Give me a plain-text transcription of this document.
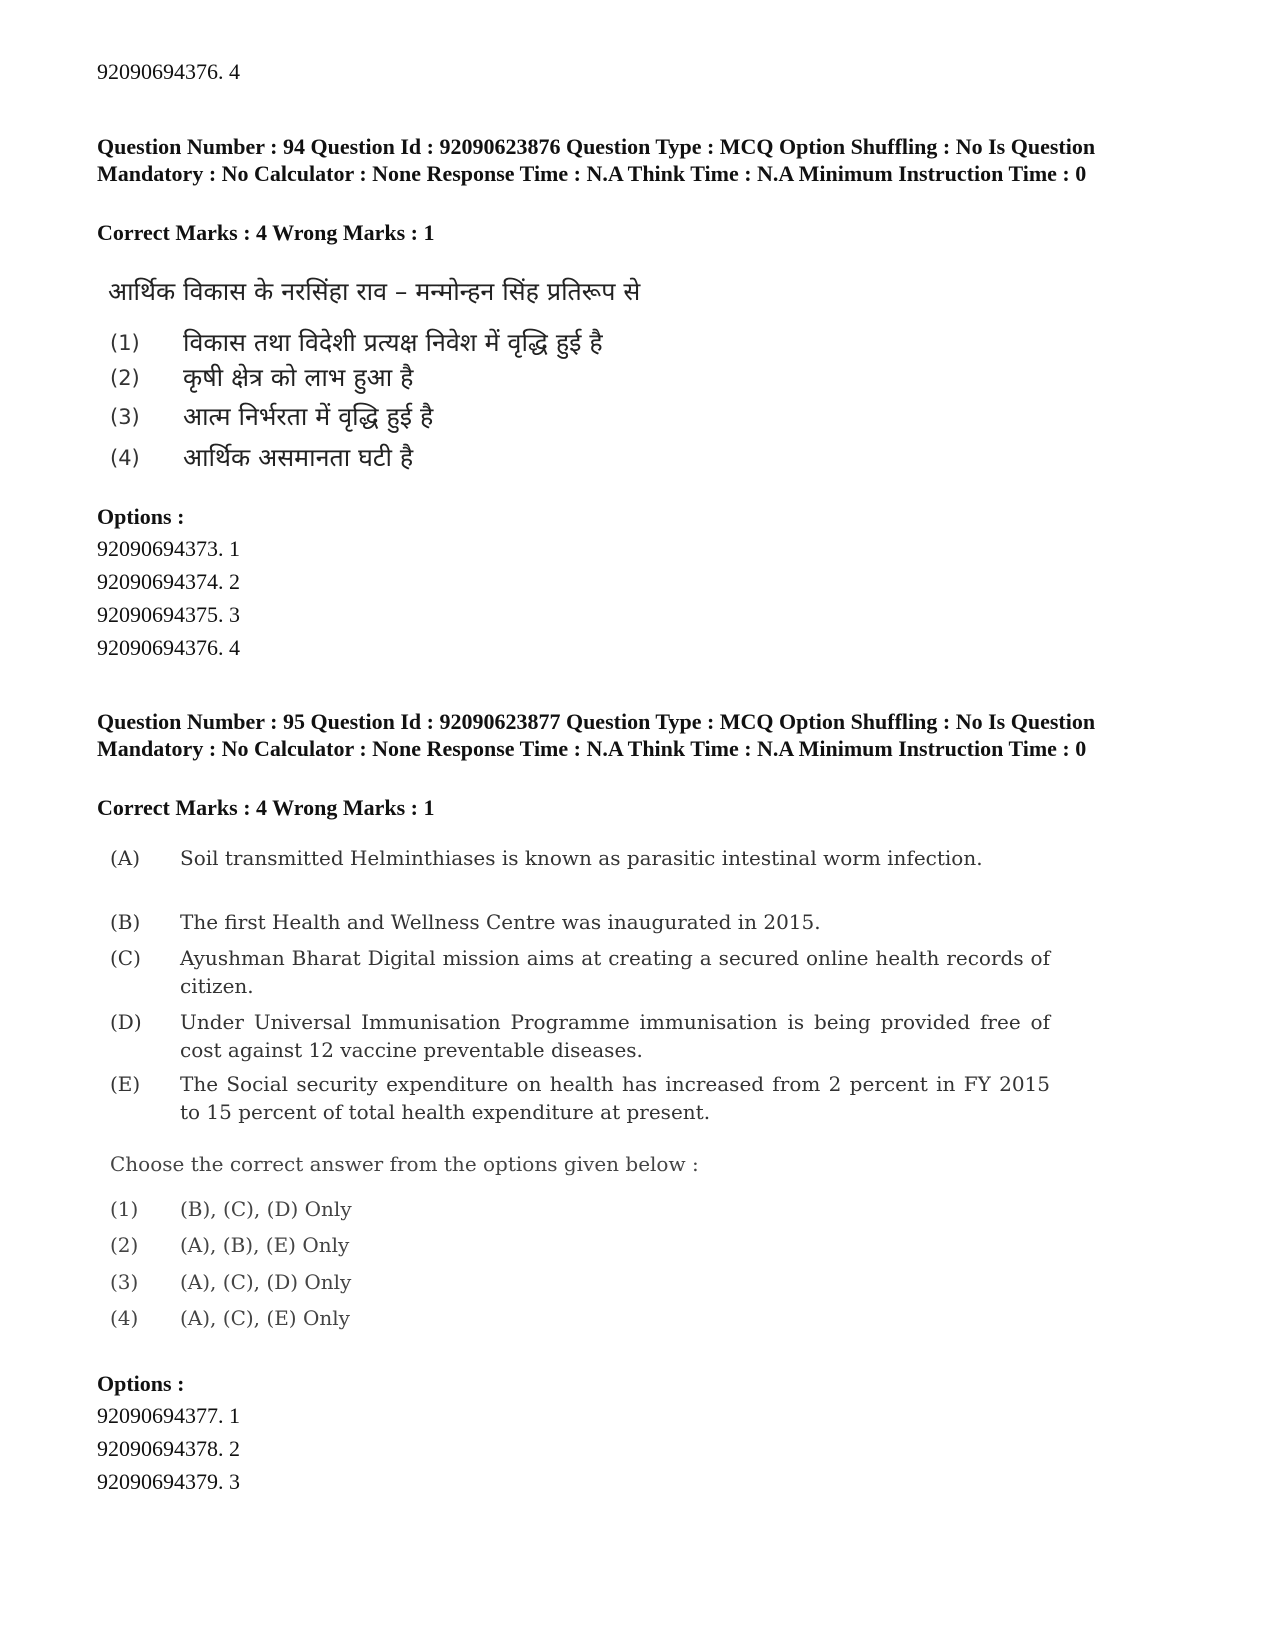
92090694376. 4
Question Number : 94 Question Id : 92090623876 Question Type : MCQ Option Shuffling : No Is Question Mandatory : No Calculator : None Response Time : N.A Think Time : N.A Minimum Instruction Time : 0
Correct Marks : 4 Wrong Marks : 1
आर्थिक विकास के नरसिंहा राव – मन्मोन्हन सिंह प्रतिरूप से
(1) विकास तथा विदेशी प्रत्यक्ष निवेश में वृद्धि हुई है
(2) कृषी क्षेत्र को लाभ हुआ है
(3) आत्म निर्भरता में वृद्धि हुई है
(4) आर्थिक असमानता घटी है
Options :
92090694373. 1
92090694374. 2
92090694375. 3
92090694376. 4
Question Number : 95 Question Id : 92090623877 Question Type : MCQ Option Shuffling : No Is Question Mandatory : No Calculator : None Response Time : N.A Think Time : N.A Minimum Instruction Time : 0
Correct Marks : 4 Wrong Marks : 1
(A) Soil transmitted Helminthiases is known as parasitic intestinal worm infection.
(B) The first Health and Wellness Centre was inaugurated in 2015.
(C) Ayushman Bharat Digital mission aims at creating a secured online health records of citizen.
(D) Under Universal Immunisation Programme immunisation is being provided free of cost against 12 vaccine preventable diseases.
(E) The Social security expenditure on health has increased from 2 percent in FY 2015 to 15 percent of total health expenditure at present.
Choose the correct answer from the options given below :
(1) (B), (C), (D) Only
(2) (A), (B), (E) Only
(3) (A), (C), (D) Only
(4) (A), (C), (E) Only
Options :
92090694377. 1
92090694378. 2
92090694379. 3
